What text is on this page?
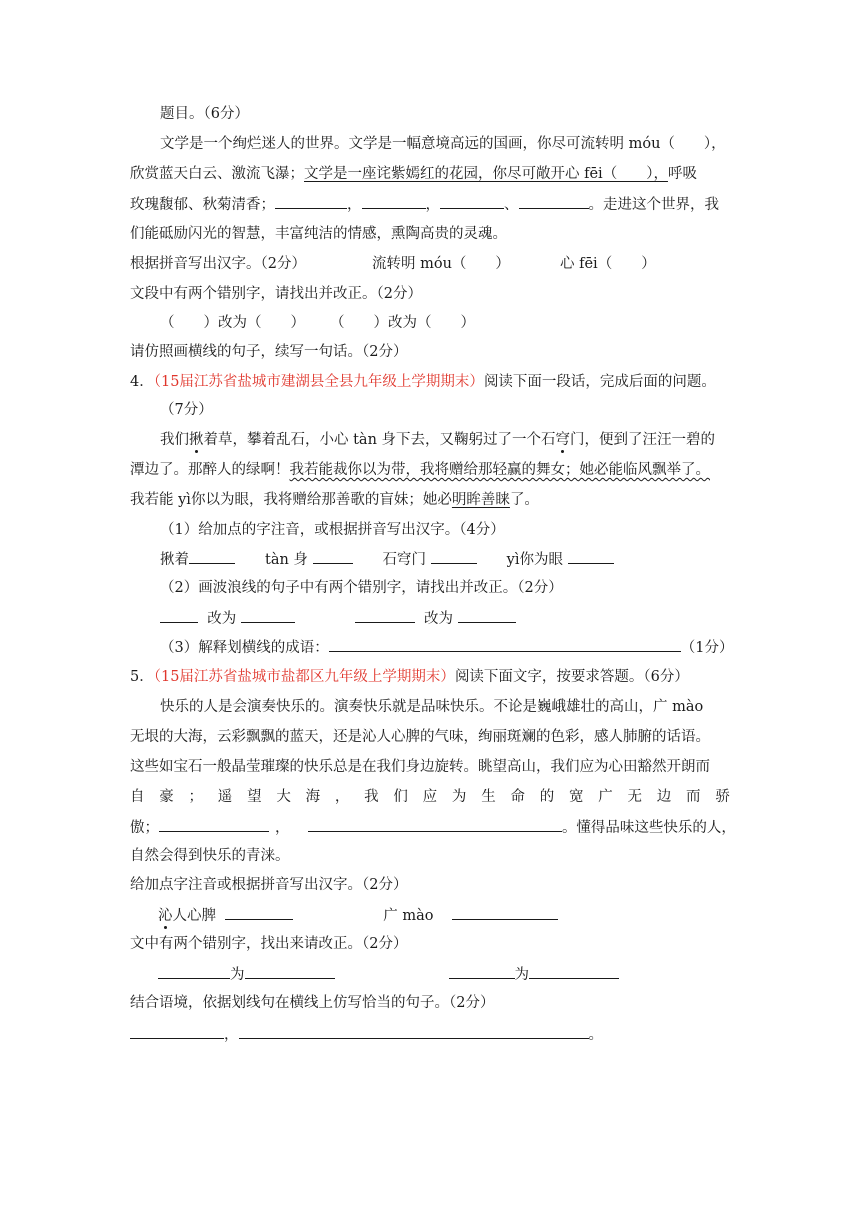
题目。（6分）
文学是一个绚烂迷人的世界。文学是一幅意境高远的国画，你尽可流转明 móu（　　），
欣赏蓝天白云、激流飞瀑；文学是一座诧紫嫣红的花园，你尽可敞开心 fēi（　　），呼吸
玫瑰馥郁、秋菊清香；	，	，	、	。走进这个世界，我
们能砥励闪光的智慧，丰富纯洁的情感，熏陶高贵的灵魂。
根据拼音写出汉字。（2分）	流转明 móu（　　）	心 fēi（　　）
文段中有两个错别字，请找出并改正。（2分）
（　　）改为（　　） （　　）改为（　　）
请仿照画横线的句子，续写一句话。（2分）
4．（15届江苏省盐城市建湖县全县九年级上学期期末）阅读下面一段话，完成后面的问题。
（7分）
我们揪着草，攀着乱石，小心 tàn 身下去，又鞠躬过了一个石穹门，便到了汪汪一碧的
潭边了。那醉人的绿啊！我若能裁你以为带，我将赠给那轻赢的舞女；她必能临风飘举了。
我若能 yì你以为眼，我将赠给那善歌的盲妹；她必明眸善睐了。
（1）给加点的字注音，或根据拼音写出汉字。（4分）
揪着	tàn 身	石穹门	yì你为眼
（2）画波浪线的句子中有两个错别字，请找出并改正。（2分）
改为	改为
（3）解释划横线的成语：	（1分）
5．（15届江苏省盐城市盐都区九年级上学期期末）阅读下面文字，按要求答题。（6分）
快乐的人是会演奏快乐的。演奏快乐就是品味快乐。不论是巍峨雄壮的高山，广 mào
无垠的大海，云彩飘飘的蓝天，还是沁人心脾的气味，绚丽斑斓的色彩，感人肺腑的话语。
这些如宝石一般晶莹璀璨的快乐总是在我们身边旋转。眺望高山，我们应为心田豁然开朗而
自 豪 ； 遥 望 大 海 ， 我 们 应 为 生 命 的 宽 广 无 边 而 骄
傲；	，	。懂得品味这些快乐的人，
自然会得到快乐的青涞。
给加点字注音或根据拼音写出汉字。（2分）
沁人心脾	广 mào
文中有两个错别字，找出来请改正。（2分）
为	为
结合语境，依据划线句在横线上仿写恰当的句子。（2分）
，	。
